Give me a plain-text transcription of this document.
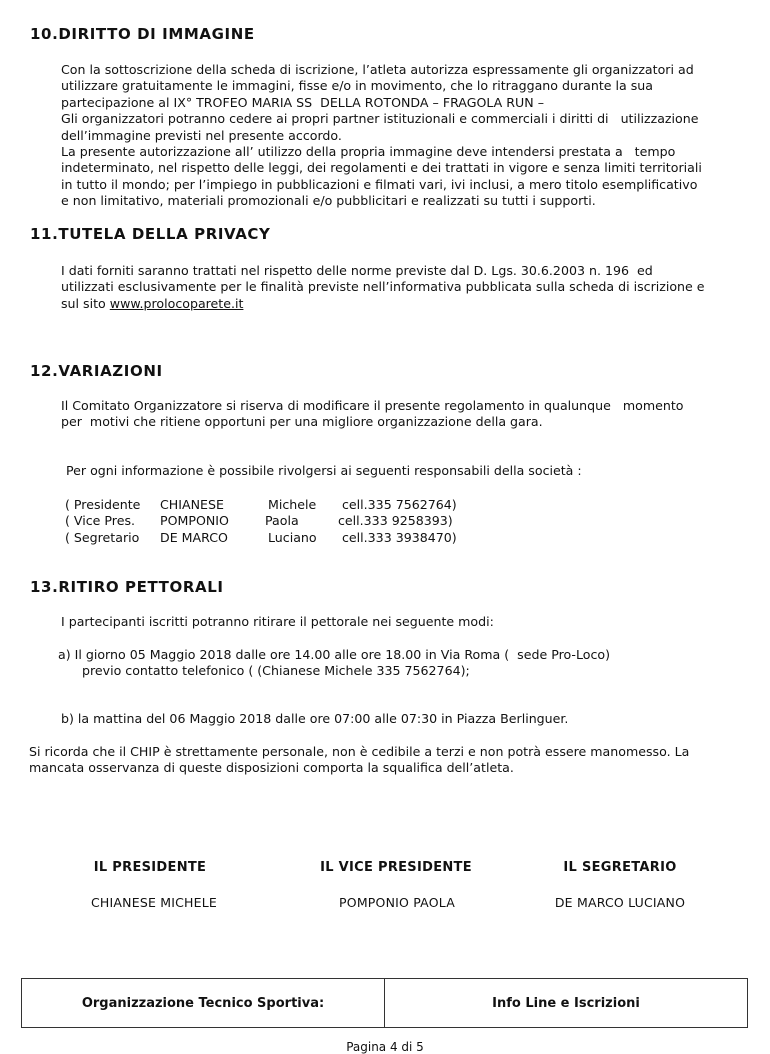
10.DIRITTO DI IMMAGINE
Con la sottoscrizione della scheda di iscrizione, l’atleta autorizza espressamente gli organizzatori ad
utilizzare gratuitamente le immagini, fisse e/o in movimento, che lo ritraggano durante la sua
partecipazione al IX° TROFEO MARIA SS  DELLA ROTONDA – FRAGOLA RUN –
Gli organizzatori potranno cedere ai propri partner istituzionali e commerciali i diritti di   utilizzazione
dell’immagine previsti nel presente accordo.
La presente autorizzazione all’ utilizzo della propria immagine deve intendersi prestata a   tempo
indeterminato, nel rispetto delle leggi, dei regolamenti e dei trattati in vigore e senza limiti territoriali
in tutto il mondo; per l’impiego in pubblicazioni e filmati vari, ivi inclusi, a mero titolo esemplificativo
e non limitativo, materiali promozionali e/o pubblicitari e realizzati su tutti i supporti.
11.TUTELA DELLA PRIVACY
I dati forniti saranno trattati nel rispetto delle norme previste dal D. Lgs. 30.6.2003 n. 196  ed
utilizzati esclusivamente per le finalità previste nell’informativa pubblicata sulla scheda di iscrizione e
sul sito www.prolocoparete.it
12.VARIAZIONI
Il Comitato Organizzatore si riserva di modificare il presente regolamento in qualunque   momento
per  motivi che ritiene opportuni per una migliore organizzazione della gara.
Per ogni informazione è possibile rivolgersi ai seguenti responsabili della società :
( Presidente CHIANESE	Michele cell.335 7562764)
( Vice Pres. POMPONIO	Paola	cell.333 9258393)
( Segretario DE MARCO	Luciano cell.333 3938470)
13.RITIRO PETTORALI
I partecipanti iscritti potranno ritirare il pettorale nei seguente modi:
a) Il giorno 05 Maggio 2018 dalle ore 14.00 alle ore 18.00 in Via Roma (  sede Pro-Loco)
previo contatto telefonico ( (Chianese Michele 335 7562764);
b) la mattina del 06 Maggio 2018 dalle ore 07:00 alle 07:30 in Piazza Berlinguer.
Si ricorda che il CHIP è strettamente personale, non è cedibile a terzi e non potrà essere manomesso. La
mancata osservanza di queste disposizioni comporta la squalifica dell’atleta.
IL PRESIDENTE	IL VICE PRESIDENTE	IL SEGRETARIO
CHIANESE MICHELE	POMPONIO PAOLA	DE MARCO LUCIANO
Organizzazione Tecnico Sportiva:	Info Line e Iscrizioni
Pagina 4 di 5
